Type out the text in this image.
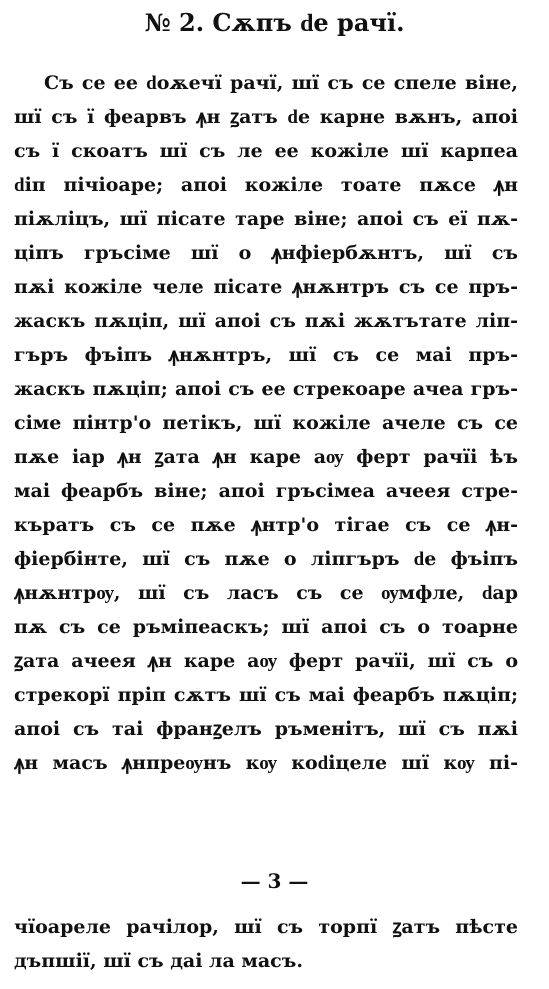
№ 2. Сѫпъ ԁе рачї.
Съ се ее ԁоѫечї рачї, шї съ се спеле віне,
шї съ ї феарвъ ꙟн ꙁатъ ԁе карне вѫнъ, апоі
съ ї скоатъ шї съ ле ее кожіле шї карпеа
ԁіп пічіоаре; апоі кожіле тоате пѫсе ꙟн
піѫліцъ, шї пісате таре віне; апоі съ еї пѫ-
ціпъ гръсіме шї о ꙟнфіербѫнтъ, шї съ
пѫі кожіле челе пісате ꙟнѫнтръ съ се пръ-
жаскъ пѫціп, шї апоі съ пѫі жѫтътате ліп-
гъръ фъіпъ ꙟнѫнтръ, шї съ се маі пръ-
жаскъ пѫціп; апоі съ ее стрекоаре ачеа гръ-
сіме пінтр'о петікъ, шї кожіле ачеле съ се
пѫе іар ꙟн ꙁата ꙟн каре аѹ ферт рачїі ѣъ
маі феарбъ віне; апоі гръсімеа ачеея стре-
къратъ съ се пѫе ꙟнтр'о тігае съ се ꙟн-
фіербінте, шї съ пѫе о ліпгъръ ԁе фъіпъ
ꙟнѫнтрѹ, шї съ ласъ съ се ѹмфле, ԁар
пѫ съ се ръміпеаскъ; шї апоі съ о тоарне
ꙁата ачеея ꙟн каре аѹ ферт рачїі, шї съ о
стрекорї пріп сѫтъ шї съ маі феарбъ пѫціп;
апоі съ таі франꙁелъ ръменітъ, шї съ пѫі
ꙟн масъ ꙟнпреѹнъ кѹ коԁіцеле шї кѹ пі-
— 3 —
чїоареле рачілор, шї съ торпї ꙁатъ пѣсте
дъпшії, шї съ даі ла масъ.
